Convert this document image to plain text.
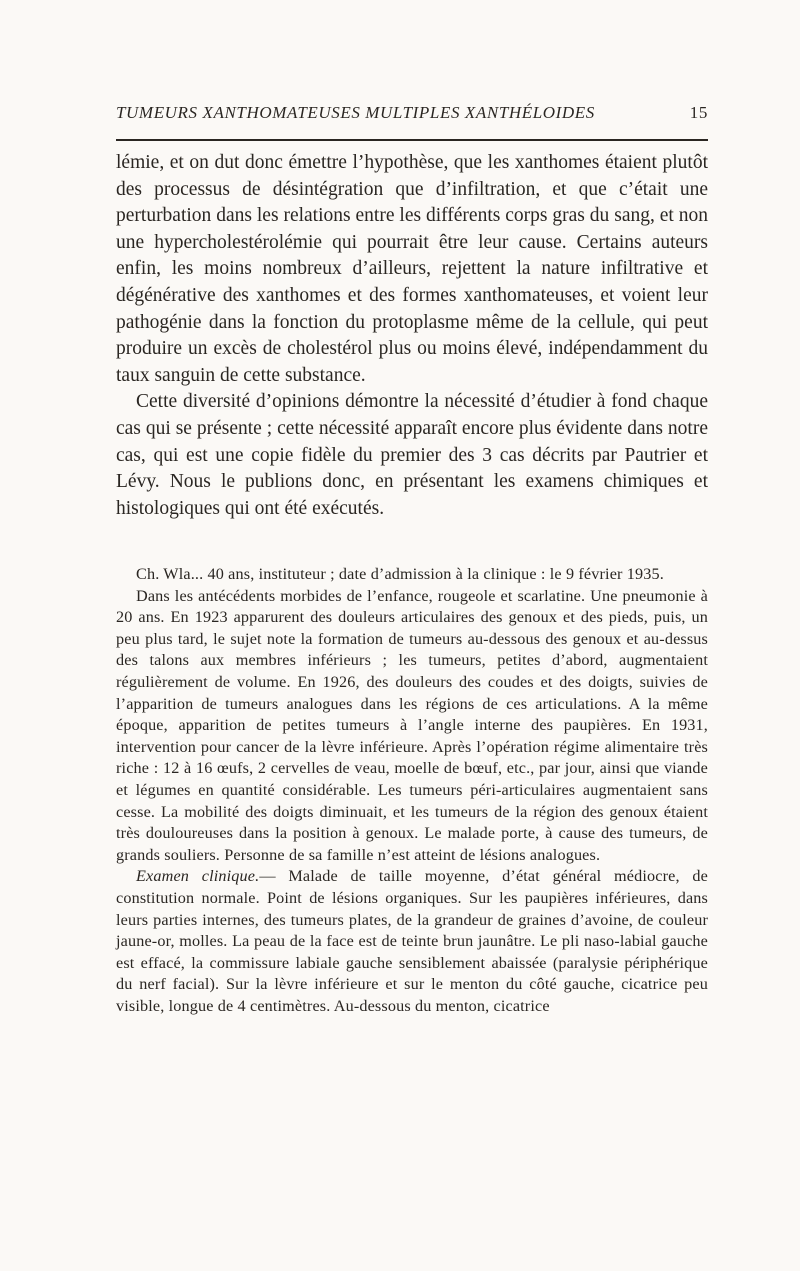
TUMEURS XANTHOMATEUSES MULTIPLES XANTHÉLOIDES	15

lémie, et on dut donc émettre l’hypothèse, que les xanthomes étaient plutôt des processus de désintégration que d’infiltration, et que c’était une perturbation dans les relations entre les différents corps gras du sang, et non une hypercholestérolémie qui pourrait être leur cause. Certains auteurs enfin, les moins nombreux d’ailleurs, rejettent la nature infiltrative et dégénérative des xanthomes et des formes xanthomateuses, et voient leur pathogénie dans la fonction du protoplasme même de la cellule, qui peut produire un excès de cholestérol plus ou moins élevé, indépendamment du taux sanguin de cette substance.

Cette diversité d’opinions démontre la nécessité d’étudier à fond chaque cas qui se présente ; cette nécessité apparaît encore plus évidente dans notre cas, qui est une copie fidèle du premier des 3 cas décrits par Pautrier et Lévy. Nous le publions donc, en présentant les examens chimiques et histologiques qui ont été exécutés.

Ch. Wla... 40 ans, instituteur ; date d’admission à la clinique : le 9 février 1935.

Dans les antécédents morbides de l’enfance, rougeole et scarlatine. Une pneumonie à 20 ans. En 1923 apparurent des douleurs articulaires des genoux et des pieds, puis, un peu plus tard, le sujet note la formation de tumeurs au-dessous des genoux et au-dessus des talons aux membres inférieurs ; les tumeurs, petites d’abord, augmentaient régulièrement de volume. En 1926, des douleurs des coudes et des doigts, suivies de l’apparition de tumeurs analogues dans les régions de ces articulations. A la même époque, apparition de petites tumeurs à l’angle interne des paupières. En 1931, intervention pour cancer de la lèvre inférieure. Après l’opération régime alimentaire très riche : 12 à 16 œufs, 2 cervelles de veau, moelle de bœuf, etc., par jour, ainsi que viande et légumes en quantité considérable. Les tumeurs péri-articulaires augmentaient sans cesse. La mobilité des doigts diminuait, et les tumeurs de la région des genoux étaient très douloureuses dans la position à genoux. Le malade porte, à cause des tumeurs, de grands souliers. Personne de sa famille n’est atteint de lésions analogues.

Examen clinique.— Malade de taille moyenne, d’état général médiocre, de constitution normale. Point de lésions organiques. Sur les paupières inférieures, dans leurs parties internes, des tumeurs plates, de la grandeur de graines d’avoine, de couleur jaune-or, molles. La peau de la face est de teinte brun jaunâtre. Le pli naso-labial gauche est effacé, la commissure labiale gauche sensiblement abaissée (paralysie périphérique du nerf facial). Sur la lèvre inférieure et sur le menton du côté gauche, cicatrice peu visible, longue de 4 centimètres. Au-dessous du menton, cicatrice
